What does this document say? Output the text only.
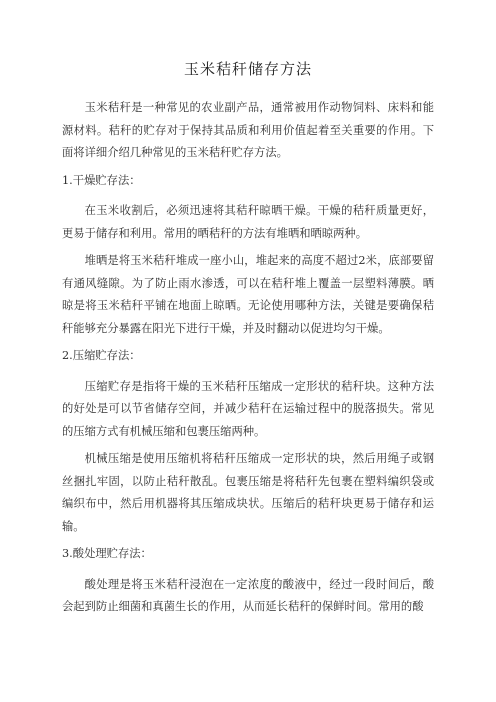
玉米秸秆储存方法

玉米秸秆是一种常见的农业副产品，通常被用作动物饲料、床料和能源材料。秸秆的贮存对于保持其品质和利用价值起着至关重要的作用。下面将详细介绍几种常见的玉米秸秆贮存方法。

1.干燥贮存法：

在玉米收割后，必须迅速将其秸秆晾晒干燥。干燥的秸秆质量更好，更易于储存和利用。常用的晒秸秆的方法有堆晒和晒晾两种。

堆晒是将玉米秸秆堆成一座小山，堆起来的高度不超过2米，底部要留有通风缝隙。为了防止雨水渗透，可以在秸秆堆上覆盖一层塑料薄膜。晒晾是将玉米秸秆平铺在地面上晾晒。无论使用哪种方法，关键是要确保秸秆能够充分暴露在阳光下进行干燥，并及时翻动以促进均匀干燥。

2.压缩贮存法：

压缩贮存是指将干燥的玉米秸秆压缩成一定形状的秸秆块。这种方法的好处是可以节省储存空间，并减少秸秆在运输过程中的脱落损失。常见的压缩方式有机械压缩和包裹压缩两种。

机械压缩是使用压缩机将秸秆压缩成一定形状的块，然后用绳子或钢丝捆扎牢固，以防止秸秆散乱。包裹压缩是将秸秆先包裹在塑料编织袋或编织布中，然后用机器将其压缩成块状。压缩后的秸秆块更易于储存和运输。

3.酸处理贮存法：

酸处理是将玉米秸秆浸泡在一定浓度的酸液中，经过一段时间后，酸会起到防止细菌和真菌生长的作用，从而延长秸秆的保鲜时间。常用的酸
